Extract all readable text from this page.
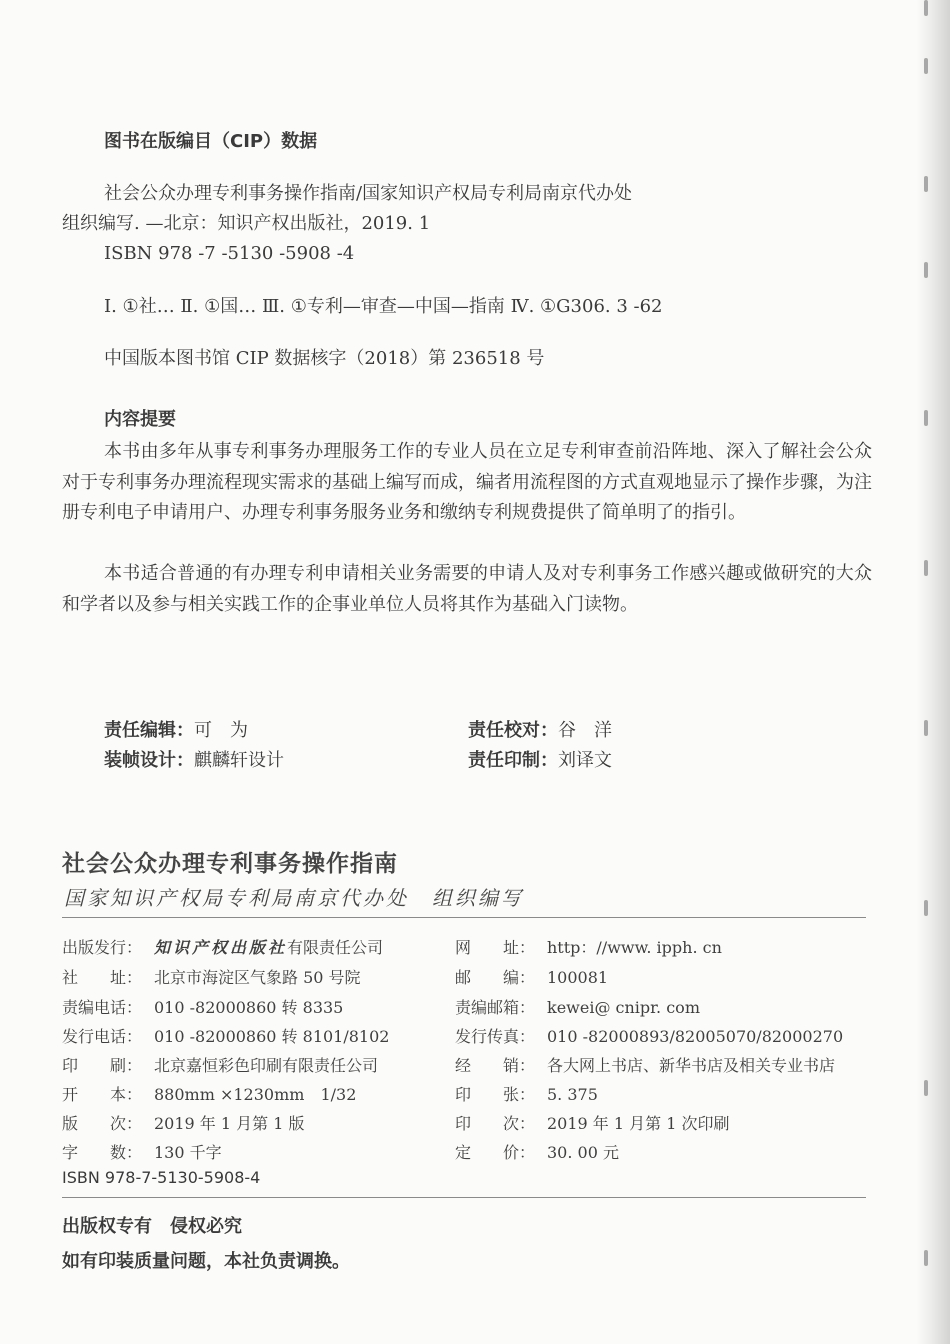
图书在版编目（CIP）数据
社会公众办理专利事务操作指南/国家知识产权局专利局南京代办处
组织编写. —北京：知识产权出版社，2019. 1
ISBN 978 -7 -5130 -5908 -4
Ⅰ. ①社… Ⅱ. ①国… Ⅲ. ①专利—审查—中国—指南 Ⅳ. ①G306. 3 -62
中国版本图书馆 CIP 数据核字（2018）第 236518 号
内容提要
本书由多年从事专利事务办理服务工作的专业人员在立足专利审查前沿阵地、深入了解社会公众对于专利事务办理流程现实需求的基础上编写而成，编者用流程图的方式直观地显示了操作步骤，为注册专利电子申请用户、办理专利事务服务业务和缴纳专利规费提供了简单明了的指引。
本书适合普通的有办理专利申请相关业务需要的申请人及对专利事务工作感兴趣或做研究的大众和学者以及参与相关实践工作的企事业单位人员将其作为基础入门读物。
责任编辑：可　为	责任校对：谷　洋
装帧设计：麒麟轩设计	责任印制：刘译文
社会公众办理专利事务操作指南
国家知识产权局专利局南京代办处　组织编写
出版发行： 知识产权出版社有限责任公司
社　　址： 北京市海淀区气象路 50 号院
责编电话： 010 -82000860 转 8335
发行电话： 010 -82000860 转 8101/8102
印　　刷： 北京嘉恒彩色印刷有限责任公司
开　　本： 880mm ×1230mm　1/32
版　　次： 2019 年 1 月第 1 版
字　　数： 130 千字
网　　址： http：//www. ipph. cn
邮　　编： 100081
责编邮箱： kewei@ cnipr. com
发行传真： 010 -82000893/82005070/82000270
经　　销： 各大网上书店、新华书店及相关专业书店
印　　张： 5. 375
印　　次： 2019 年 1 月第 1 次印刷
定　　价： 30. 00 元
ISBN 978-7-5130-5908-4
出版权专有 侵权必究
如有印装质量问题，本社负责调换。
